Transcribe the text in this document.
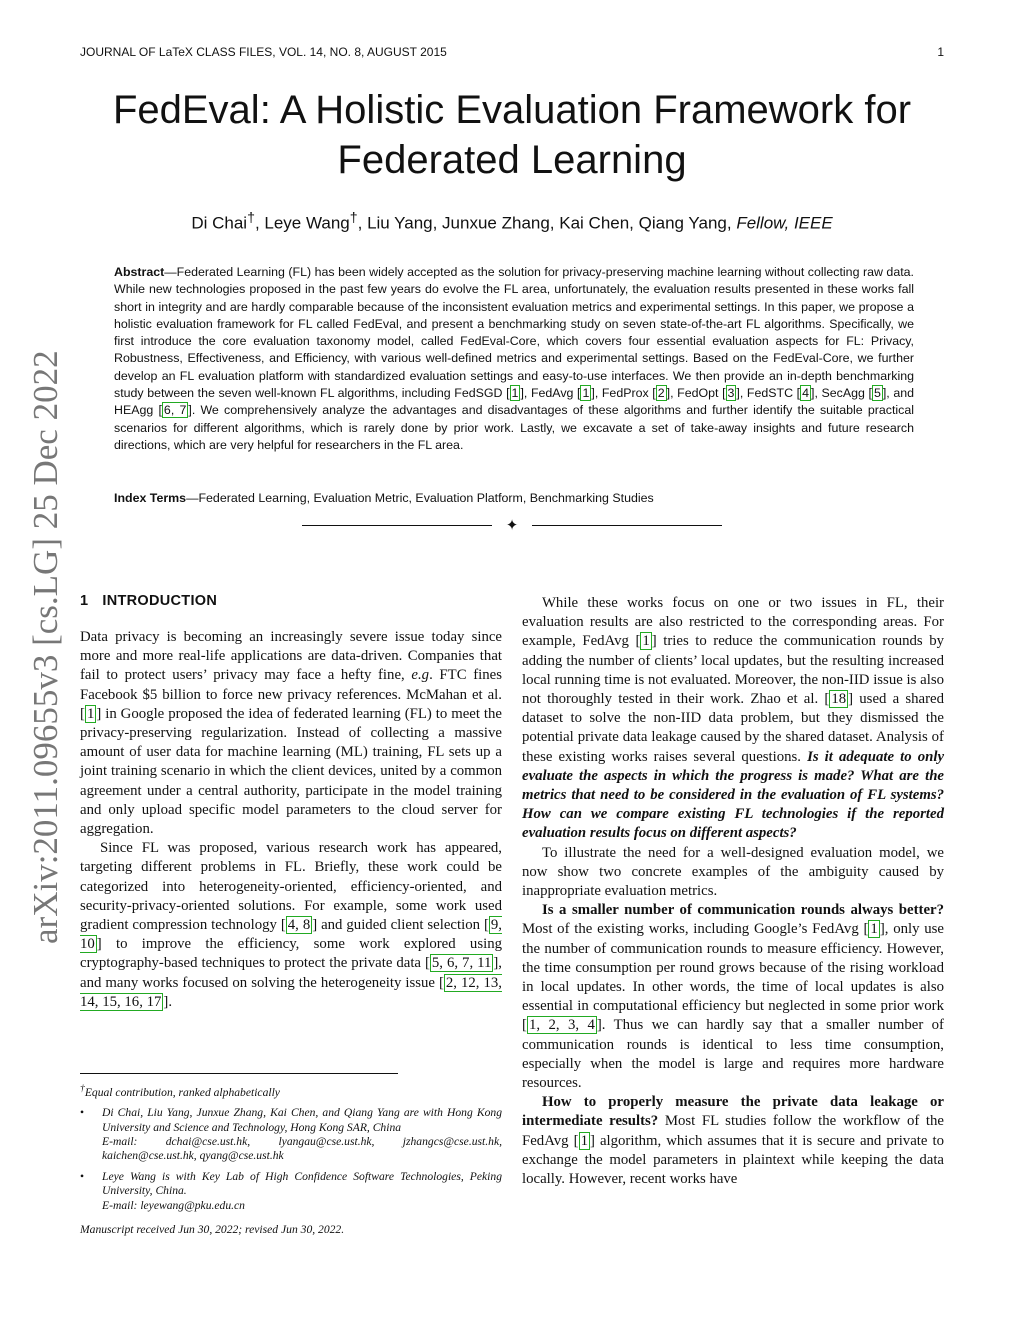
JOURNAL OF LaTeX CLASS FILES, VOL. 14, NO. 8, AUGUST 2015	1
arXiv:2011.09655v3 [cs.LG] 25 Dec 2022
FedEval: A Holistic Evaluation Framework for Federated Learning
Di Chai†, Leye Wang†, Liu Yang, Junxue Zhang, Kai Chen, Qiang Yang, Fellow, IEEE
Abstract—Federated Learning (FL) has been widely accepted as the solution for privacy-preserving machine learning without collecting raw data. While new technologies proposed in the past few years do evolve the FL area, unfortunately, the evaluation results presented in these works fall short in integrity and are hardly comparable because of the inconsistent evaluation metrics and experimental settings. In this paper, we propose a holistic evaluation framework for FL called FedEval, and present a benchmarking study on seven state-of-the-art FL algorithms. Specifically, we first introduce the core evaluation taxonomy model, called FedEval-Core, which covers four essential evaluation aspects for FL: Privacy, Robustness, Effectiveness, and Efficiency, with various well-defined metrics and experimental settings. Based on the FedEval-Core, we further develop an FL evaluation platform with standardized evaluation settings and easy-to-use interfaces. We then provide an in-depth benchmarking study between the seven well-known FL algorithms, including FedSGD [ 1 ], FedAvg [ 1 ], FedProx [ 2 ], FedOpt [ 3 ], FedSTC [ 4 ], SecAgg [ 5 ], and HEAgg [ 6, 7 ]. We comprehensively analyze the advantages and disadvantages of these algorithms and further identify the suitable practical scenarios for different algorithms, which is rarely done by prior work. Lastly, we excavate a set of take-away insights and future research directions, which are very helpful for researchers in the FL area.
Index Terms—Federated Learning, Evaluation Metric, Evaluation Platform, Benchmarking Studies
✦
1 INTRODUCTION

Data privacy is becoming an increasingly severe issue today since more and more real-life applications are data-driven. Companies that fail to protect users’ privacy may face a hefty fine, e.g. FTC fines Facebook $5 billion to force new privacy references. McMahan et al. [ 1 ] in Google proposed the idea of federated learning (FL) to meet the privacy-preserving regularization. Instead of collecting a massive amount of user data for machine learning (ML) training, FL sets up a joint training scenario in which the client devices, united by a common agreement under a central authority, participate in the model training and only upload specific model parameters to the cloud server for aggregation.

Since FL was proposed, various research work has appeared, targeting different problems in FL. Briefly, these work could be categorized into heterogeneity-oriented, efficiency-oriented, and security-privacy-oriented solutions. For example, some work used gradient compression technology [ 4, 8 ] and guided client selection [ 9, 10 ] to improve the efficiency, some work explored using cryptography-based techniques to protect the private data [ 5, 6, 7, 11 ], and many works focused on solving the heterogeneity issue [ 2, 12, 13, 14, 15, 16, 17 ].

†Equal contribution, ranked alphabetically

• Di Chai, Liu Yang, Junxue Zhang, Kai Chen, and Qiang Yang are with Hong Kong University and Science and Technology, Hong Kong SAR, China

E-mail: dchai@cse.ust.hk, lyangau@cse.ust.hk, jzhangcs@cse.ust.hk, kaichen@cse.ust.hk, qyang@cse.ust.hk

• Leye Wang is with Key Lab of High Confidence Software Technologies, Peking University, China.

E-mail: leyewang@pku.edu.cn

Manuscript received Jun 30, 2022; revised Jun 30, 2022.

While these works focus on one or two issues in FL, their evaluation results are also restricted to the corresponding areas. For example, FedAvg [ 1 ] tries to reduce the communication rounds by adding the number of clients’ local updates, but the resulting increased local running time is not evaluated. Moreover, the non-IID issue is also not thoroughly tested in their work. Zhao et al. [ 18 ] used a shared dataset to solve the non-IID data problem, but they dismissed the potential private data leakage caused by the shared dataset. Analysis of these existing works raises several questions. Is it adequate to only evaluate the aspects in which the progress is made? What are the metrics that need to be considered in the evaluation of FL systems? How can we compare existing FL technologies if the reported evaluation results focus on different aspects?

To illustrate the need for a well-designed evaluation model, we now show two concrete examples of the ambiguity caused by inappropriate evaluation metrics.

Is a smaller number of communication rounds always better? Most of the existing works, including Google’s FedAvg [ 1 ], only use the number of communication rounds to measure efficiency. However, the time consumption per round grows because of the rising workload in local updates. In other words, the time of local updates is also essential in computational efficiency but neglected in some prior work [ 1, 2, 3, 4 ]. Thus we can hardly say that a smaller number of communication rounds is identical to less time consumption, especially when the model is large and requires more hardware resources.

How to properly measure the private data leakage or intermediate results? Most FL studies follow the workflow of the FedAvg [ 1 ] algorithm, which assumes that it is secure and private to exchange the model parameters in plaintext while keeping the data locally. However, recent works have
